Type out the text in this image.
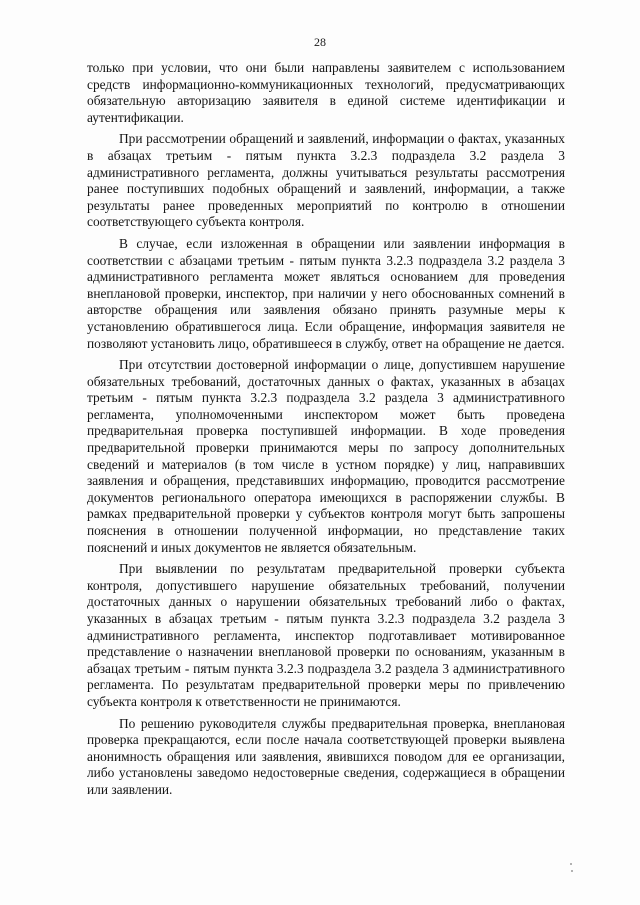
28

только при условии, что они были направлены заявителем с использованием средств информационно-коммуникационных технологий, предусматривающих обязательную авторизацию заявителя в единой системе идентификации и аутентификации.

При рассмотрении обращений и заявлений, информации о фактах, указанных в абзацах третьим - пятым пункта 3.2.3 подраздела 3.2 раздела 3 административного регламента, должны учитываться результаты рассмотрения ранее поступивших подобных обращений и заявлений, информации, а также результаты ранее проведенных мероприятий по контролю в отношении соответствующего субъекта контроля.

В случае, если изложенная в обращении или заявлении информация в соответствии с абзацами третьим - пятым пункта 3.2.3 подраздела 3.2 раздела 3 административного регламента может являться основанием для проведения внеплановой проверки, инспектор, при наличии у него обоснованных сомнений в авторстве обращения или заявления обязано принять разумные меры к установлению обратившегося лица. Если обращение, информация заявителя не позволяют установить лицо, обратившееся в службу, ответ на обращение не дается.

При отсутствии достоверной информации о лице, допустившем нарушение обязательных требований, достаточных данных о фактах, указанных в абзацах третьим - пятым пункта 3.2.3 подраздела 3.2 раздела 3 административного регламента, уполномоченными инспектором может быть проведена предварительная проверка поступившей информации. В ходе проведения предварительной проверки принимаются меры по запросу дополнительных сведений и материалов (в том числе в устном порядке) у лиц, направивших заявления и обращения, представивших информацию, проводится рассмотрение документов регионального оператора имеющихся в распоряжении службы. В рамках предварительной проверки у субъектов контроля могут быть запрошены пояснения в отношении полученной информации, но представление таких пояснений и иных документов не является обязательным.

При выявлении по результатам предварительной проверки субъекта контроля, допустившего нарушение обязательных требований, получении достаточных данных о нарушении обязательных требований либо о фактах, указанных в абзацах третьим - пятым пункта 3.2.3 подраздела 3.2 раздела 3 административного регламента, инспектор подготавливает мотивированное представление о назначении внеплановой проверки по основаниям, указанным в абзацах третьим - пятым пункта 3.2.3 подраздела 3.2 раздела 3 административного регламента. По результатам предварительной проверки меры по привлечению субъекта контроля к ответственности не принимаются.

По решению руководителя службы предварительная проверка, внеплановая проверка прекращаются, если после начала соответствующей проверки выявлена анонимность обращения или заявления, явившихся поводом для ее организации, либо установлены заведомо недостоверные сведения, содержащиеся в обращении или заявлении.
